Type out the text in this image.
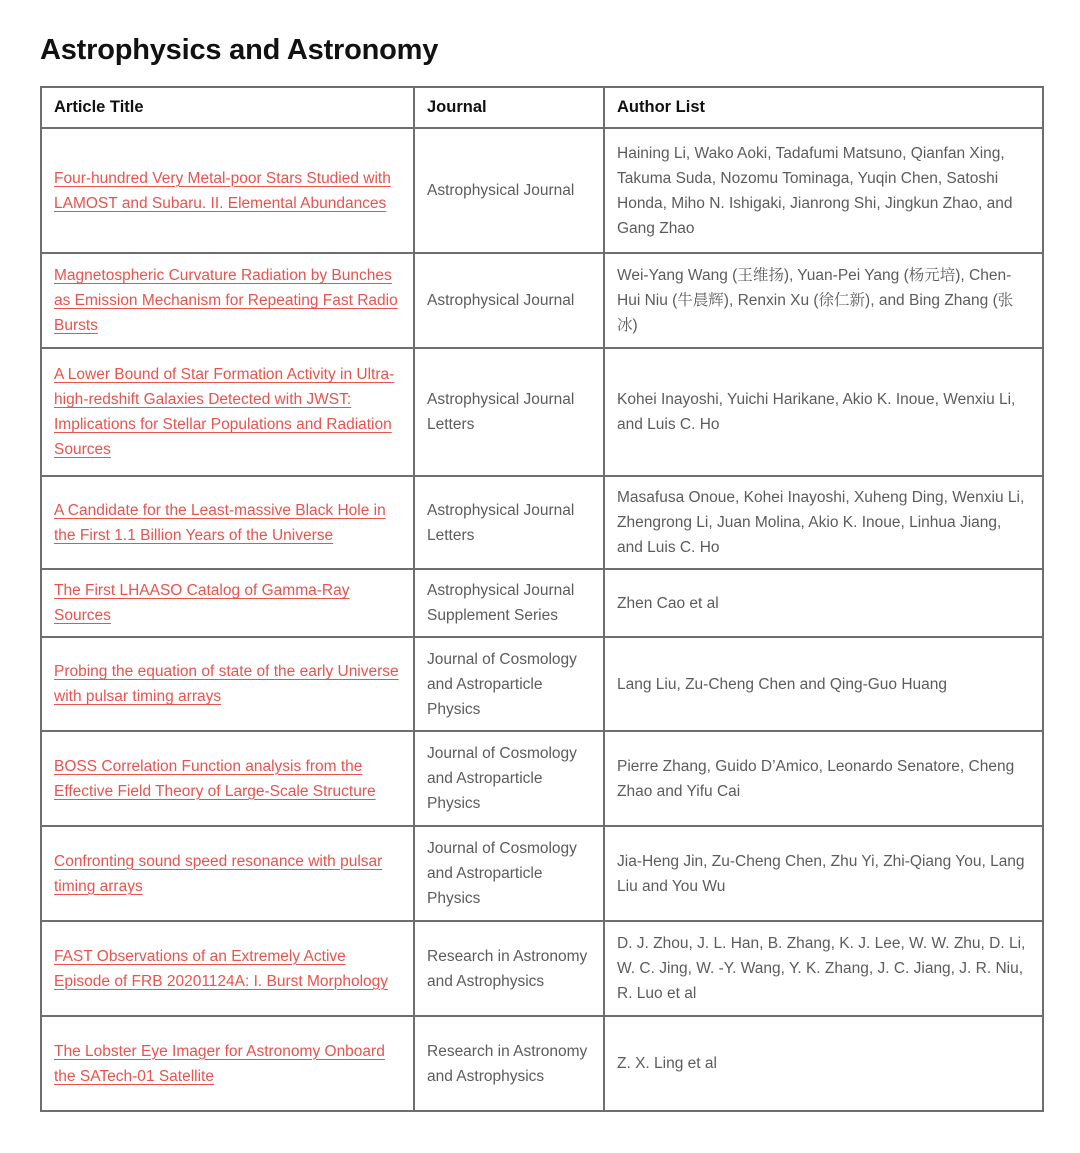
Astrophysics and Astronomy
Article Title	Journal	Author List
Four-hundred Very Metal-poor Stars Studied with LAMOST and Subaru. II. Elemental Abundances	Astrophysical Journal	Haining Li, Wako Aoki, Tadafumi Matsuno, Qianfan Xing, Takuma Suda, Nozomu Tominaga, Yuqin Chen, Satoshi Honda, Miho N. Ishigaki, Jianrong Shi, Jingkun Zhao, and Gang Zhao
Magnetospheric Curvature Radiation by Bunches as Emission Mechanism for Repeating Fast Radio Bursts	Astrophysical Journal	Wei-Yang Wang (王维扬), Yuan-Pei Yang (杨元培), Chen-Hui Niu (牛晨辉), Renxin Xu (徐仁新), and Bing Zhang (张冰)
A Lower Bound of Star Formation Activity in Ultra-high-redshift Galaxies Detected with JWST: Implications for Stellar Populations and Radiation Sources	Astrophysical Journal Letters	Kohei Inayoshi, Yuichi Harikane, Akio K. Inoue, Wenxiu Li, and Luis C. Ho
A Candidate for the Least-massive Black Hole in the First 1.1 Billion Years of the Universe	Astrophysical Journal Letters	Masafusa Onoue, Kohei Inayoshi, Xuheng Ding, Wenxiu Li, Zhengrong Li, Juan Molina, Akio K. Inoue, Linhua Jiang, and Luis C. Ho
The First LHAASO Catalog of Gamma-Ray Sources	Astrophysical Journal Supplement Series	Zhen Cao et al
Probing the equation of state of the early Universe with pulsar timing arrays	Journal of Cosmology and Astroparticle Physics	Lang Liu, Zu-Cheng Chen and Qing-Guo Huang
BOSS Correlation Function analysis from the Effective Field Theory of Large-Scale Structure	Journal of Cosmology and Astroparticle Physics	Pierre Zhang, Guido D’Amico, Leonardo Senatore, Cheng Zhao and Yifu Cai
Confronting sound speed resonance with pulsar timing arrays	Journal of Cosmology and Astroparticle Physics	Jia-Heng Jin, Zu-Cheng Chen, Zhu Yi, Zhi-Qiang You, Lang Liu and You Wu
FAST Observations of an Extremely Active Episode of FRB 20201124A: I. Burst Morphology	Research in Astronomy and Astrophysics	D. J. Zhou, J. L. Han, B. Zhang, K. J. Lee, W. W. Zhu, D. Li, W. C. Jing, W. -Y. Wang, Y. K. Zhang, J. C. Jiang, J. R. Niu, R. Luo et al
The Lobster Eye Imager for Astronomy Onboard the SATech-01 Satellite	Research in Astronomy and Astrophysics	Z. X. Ling et al
